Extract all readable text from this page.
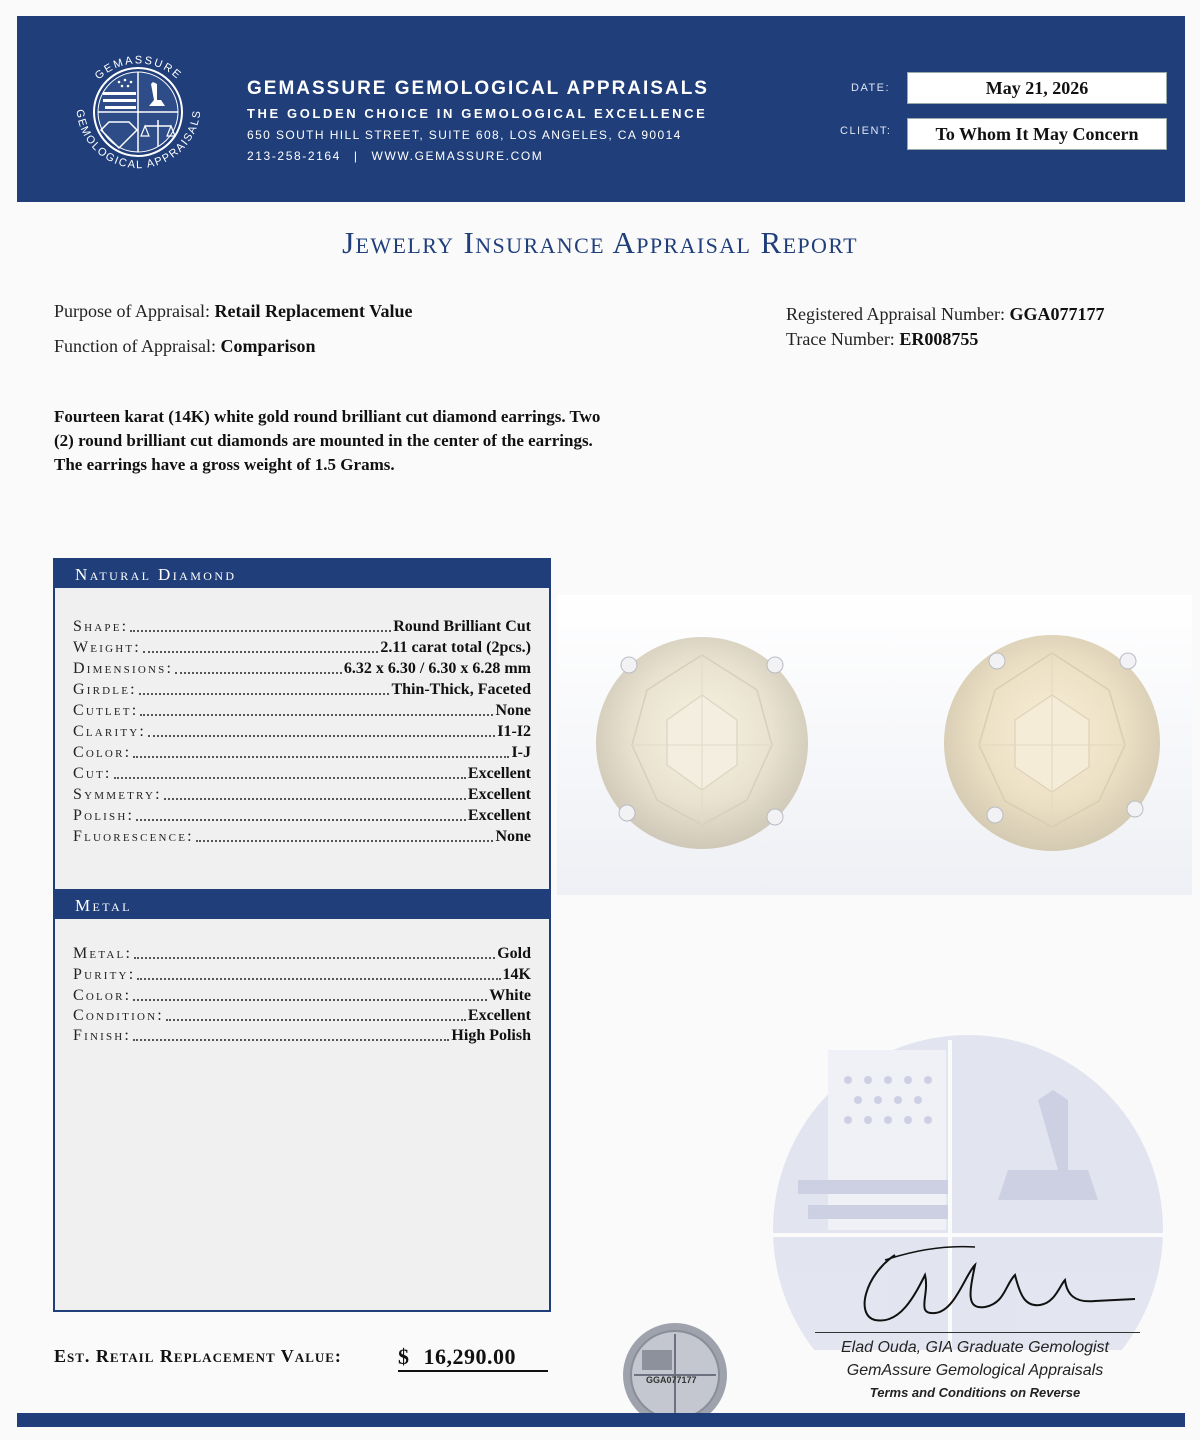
GEMASSURE
GEMOLOGICAL APPRAISALS
GEMASSURE GEMOLOGICAL APPRAISALS
THE GOLDEN CHOICE IN GEMOLOGICAL EXCELLENCE
650 SOUTH HILL STREET, SUITE 608, LOS ANGELES, CA 90014
213-258-2164 | WWW.GEMASSURE.COM
DATE:	May 21, 2026
CLIENT:	To Whom It May Concern
Jewelry Insurance Appraisal Report
Purpose of Appraisal: Retail Replacement Value
Function of Appraisal: Comparison
Registered Appraisal Number: GGA077177
Trace Number: ER008755
Fourteen karat (14K) white gold round brilliant cut diamond earrings. Two (2) round brilliant cut diamonds are mounted in the center of the earrings. The earrings have a gross weight of 1.5 Grams.
Natural Diamond
Shape:	Round Brilliant Cut
Weight:	2.11 carat total (2pcs.)
Dimensions:	6.32 x 6.30 / 6.30 x 6.28 mm
Girdle:	Thin-Thick, Faceted
Cutlet:	None
Clarity:	I1-I2
Color:	I-J
Cut:	Excellent
Symmetry:	Excellent
Polish:	Excellent
Fluorescence:	None
Metal
Metal:	Gold
Purity:	14K
Color:	White
Condition:	Excellent
Finish:	High Polish
GGA077177
Est. Retail Replacement Value:	$ 16,290.00	Elad Ouda, GIA Graduate Gemologist
GemAssure Gemological Appraisals
Terms and Conditions on Reverse
